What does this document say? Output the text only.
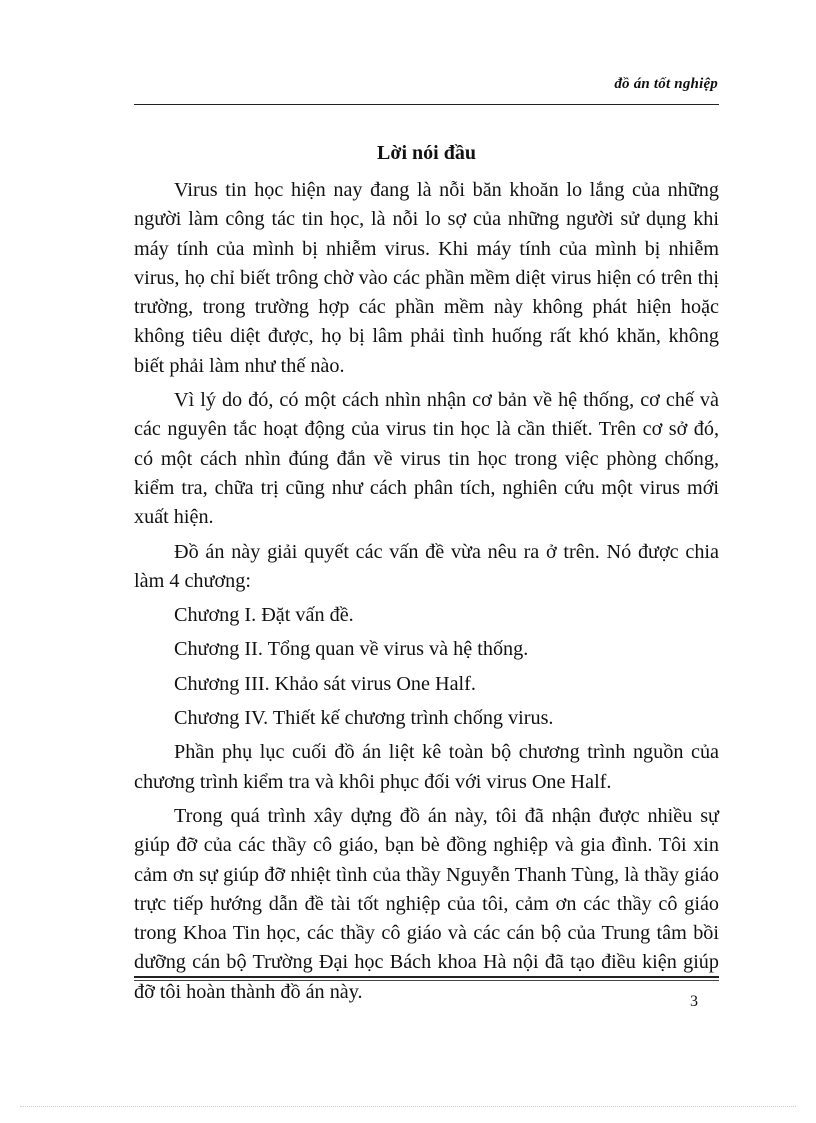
đồ án tốt nghiệp
Lời nói đầu

Virus tin học hiện nay đang là nỗi băn khoăn lo lắng của những người làm công tác tin học, là nỗi lo sợ của những người sử dụng khi máy tính của mình bị nhiễm virus. Khi máy tính của mình bị nhiễm virus, họ chỉ biết trông chờ vào các phần mềm diệt virus hiện có trên thị trường, trong trường hợp các phần mềm này không phát hiện hoặc không tiêu diệt được, họ bị lâm phải tình huống rất khó khăn, không biết phải làm như thế nào.

Vì lý do đó, có một cách nhìn nhận cơ bản về hệ thống, cơ chế và các nguyên tắc hoạt động của virus tin học là cần thiết. Trên cơ sở đó, có một cách nhìn đúng đắn về virus tin học trong việc phòng chống, kiểm tra, chữa trị cũng như cách phân tích, nghiên cứu một virus mới xuất hiện.

Đồ án này giải quyết các vấn đề vừa nêu ra ở trên. Nó được chia làm 4 chương:

Chương I. Đặt vấn đề.
Chương II. Tổng quan về virus và hệ thống.
Chương III. Khảo sát virus One Half.
Chương IV. Thiết kế chương trình chống virus.

Phần phụ lục cuối đồ án liệt kê toàn bộ chương trình nguồn của chương trình kiểm tra và khôi phục đối với virus One Half.

Trong quá trình xây dựng đồ án này, tôi đã nhận được nhiều sự giúp đỡ của các thầy cô giáo, bạn bè đồng nghiệp và gia đình. Tôi xin cảm ơn sự giúp đỡ nhiệt tình của thầy Nguyễn Thanh Tùng, là thầy giáo trực tiếp hướng dẫn đề tài tốt nghiệp của tôi, cảm ơn các thầy cô giáo trong Khoa Tin học, các thầy cô giáo và các cán bộ của Trung tâm bồi dưỡng cán bộ Trường Đại học Bách khoa Hà nội đã tạo điều kiện giúp đỡ tôi hoàn thành đồ án này.	3
